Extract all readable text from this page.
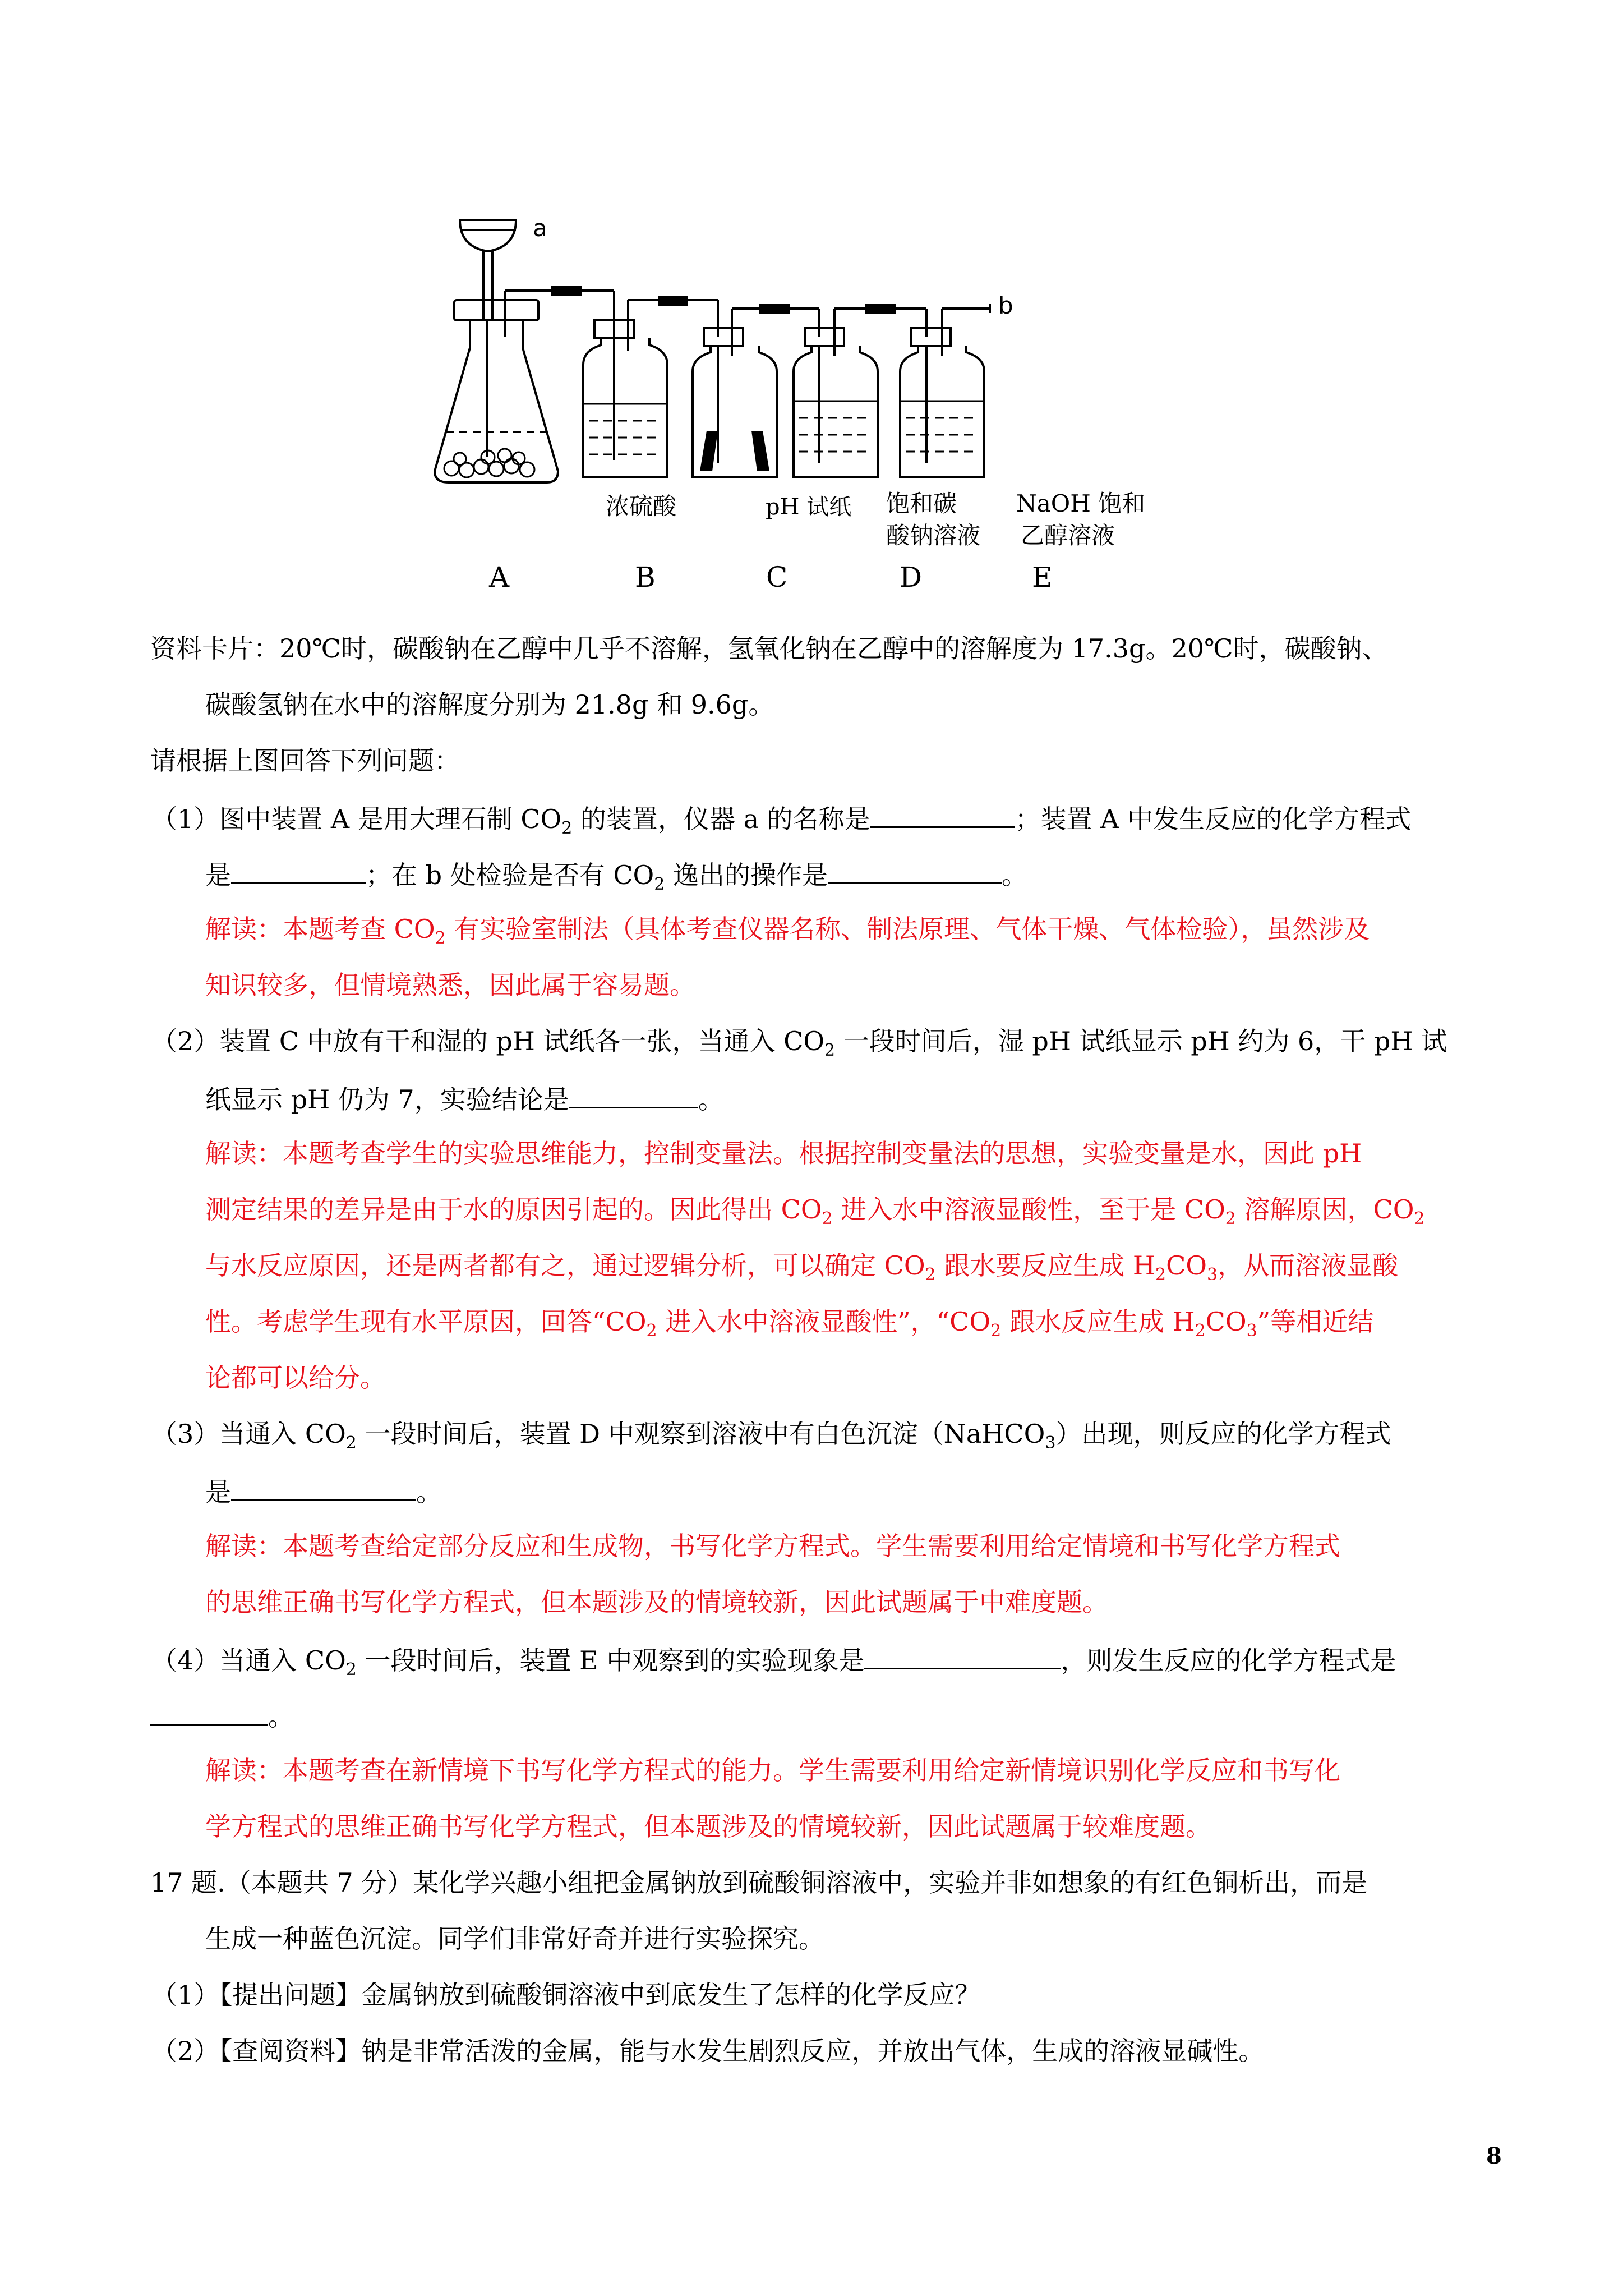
a
b
浓硫酸	pH 试纸 饱和碳
酸钠溶液
NaOH 饱和
乙醇溶液
A	B	C	D	E
资料卡片：20℃时，碳酸钠在乙醇中几乎不溶解，氢氧化钠在乙醇中的溶解度为 17.3g。20℃时，碳酸钠、
碳酸氢钠在水中的溶解度分别为 21.8g 和 9.6g。
请根据上图回答下列问题：
（1）图中装置 A 是用大理石制 $CO_2$ 的装置，仪器 a 的名称是	；装置 A 中发生反应的化学方程式
是	；在 b 处检验是否有 $CO_2$ 逸出的操作是	。
解读：本题考查 $CO_2$ 有实验室制法（具体考查仪器名称、制法原理、气体干燥、气体检验），虽然涉及
知识较多，但情境熟悉，因此属于容易题。
（2）装置 C 中放有干和湿的 pH 试纸各一张，当通入 $CO_2$ 一段时间后，湿 pH 试纸显示 pH 约为 6，干 pH 试
纸显示 pH 仍为 7，实验结论是	。
解读：本题考查学生的实验思维能力，控制变量法。根据控制变量法的思想，实验变量是水，因此 pH
测定结果的差异是由于水的原因引起的。因此得出 $CO_2$ 进入水中溶液显酸性，至于是 $CO_2$ 溶解原因，$CO_2$
与水反应原因，还是两者都有之，通过逻辑分析，可以确定 $CO_2$ 跟水要反应生成 $H_2CO_3$，从而溶液显酸
性。考虑学生现有水平原因，回答“$CO_2$ 进入水中溶液显酸性”，“$CO_2$ 跟水反应生成 $H_2CO_3$”等相近结
论都可以给分。
（3）当通入 $CO_2$ 一段时间后，装置 D 中观察到溶液中有白色沉淀（NaHCO$_3$）出现，则反应的化学方程式
是	。
解读：本题考查给定部分反应和生成物，书写化学方程式。学生需要利用给定情境和书写化学方程式
的思维正确书写化学方程式，但本题涉及的情境较新，因此试题属于中难度题。
（4）当通入 $CO_2$ 一段时间后，装置 E 中观察到的实验现象是	，则发生反应的化学方程式是
。
解读：本题考查在新情境下书写化学方程式的能力。学生需要利用给定新情境识别化学反应和书写化
学方程式的思维正确书写化学方程式，但本题涉及的情境较新，因此试题属于较难度题。
17 题.（本题共 7 分）某化学兴趣小组把金属钠放到硫酸铜溶液中，实验并非如想象的有红色铜析出，而是
生成一种蓝色沉淀。同学们非常好奇并进行实验探究。
（1）【提出问题】金属钠放到硫酸铜溶液中到底发生了怎样的化学反应？
（2）【查阅资料】钠是非常活泼的金属，能与水发生剧烈反应，并放出气体，生成的溶液显碱性。
8
